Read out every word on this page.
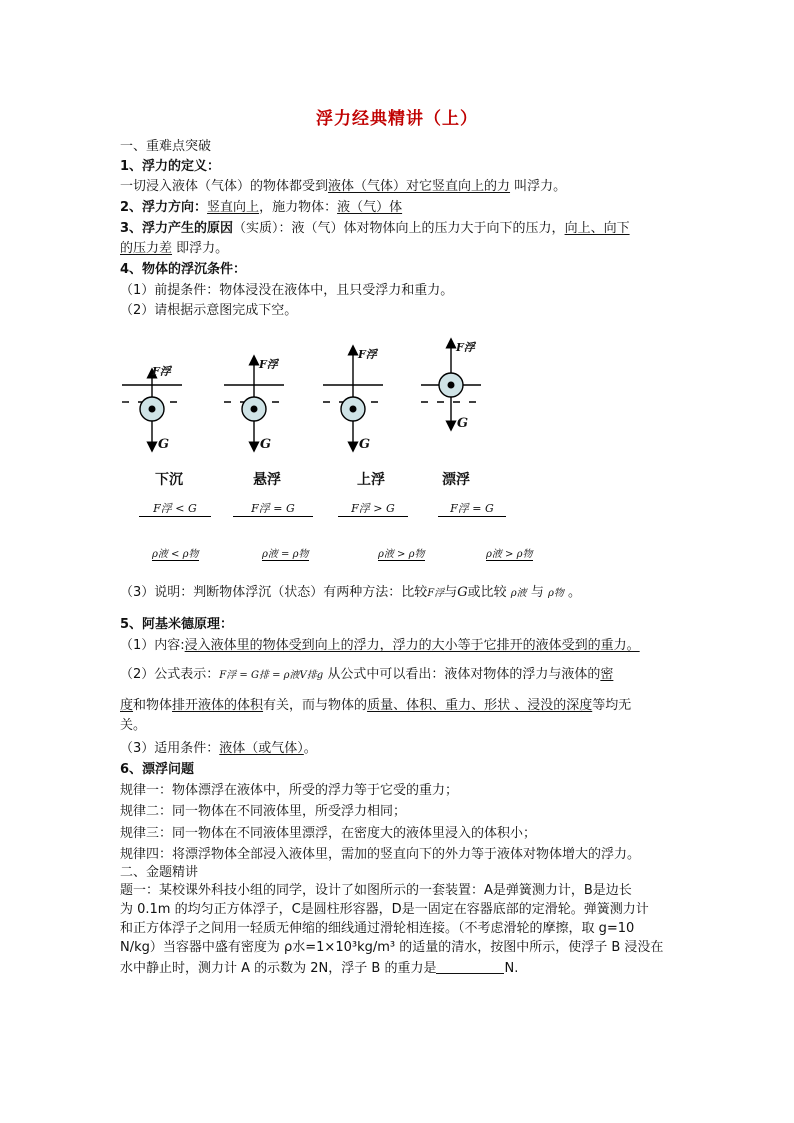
浮力经典精讲（上）
一、重难点突破
1、浮力的定义：
一切浸入液体（气体）的物体都受到液体（气体）对它竖直向上的力 叫浮力。
2、浮力方向：竖直向上，施力物体：液（气）体
3、浮力产生的原因（实质）：液（气）体对物体向上的压力大于向下的压力，向上、向下
的压力差 即浮力。
4、物体的浮沉条件：
（1）前提条件：物体浸没在液体中，且只受浮力和重力。
（2）请根据示意图完成下空。
F浮
G
F浮
G
F浮
G
F浮
G
下沉	悬浮	上浮	漂浮
F浮 < G	F浮 = G	F浮 > G	F浮 = G
ρ液 < ρ物	ρ液 = ρ物	ρ液 > ρ物	ρ液 > ρ物
（3）说明：判断物体浮沉（状态）有两种方法：比较F浮与G或比较 ρ液 与 ρ物 。
5、阿基米德原理：
（1）内容:浸入液体里的物体受到向上的浮力，浮力的大小等于它排开的液体受到的重力。
（2）公式表示：F浮 = G排 = ρ液V排g 从公式中可以看出：液体对物体的浮力与液体的密
度和物体排开液体的体积有关，而与物体的质量、体积、重力、形状 、浸没的深度等均无
关。
（3）适用条件：液体（或气体）。
6、漂浮问题
规律一：物体漂浮在液体中，所受的浮力等于它受的重力；
规律二：同一物体在不同液体里，所受浮力相同；
规律三：同一物体在不同液体里漂浮，在密度大的液体里浸入的体积小；
规律四：将漂浮物体全部浸入液体里，需加的竖直向下的外力等于液体对物体增大的浮力。
二、金题精讲
题一：某校课外科技小组的同学，设计了如图所示的一套装置：A是弹簧测力计，B是边长
为 0.1m 的均匀正方体浮子，C是圆柱形容器，D是一固定在容器底部的定滑轮。弹簧测力计
和正方体浮子之间用一轻质无伸缩的细线通过滑轮相连接。（不考虑滑轮的摩擦，取 g=10
N/kg）当容器中盛有密度为 ρ水=1×10³kg/m³ 的适量的清水，按图中所示，使浮子 B 浸没在
水中静止时，测力计 A 的示数为 2N，浮子 B 的重力是	N.
